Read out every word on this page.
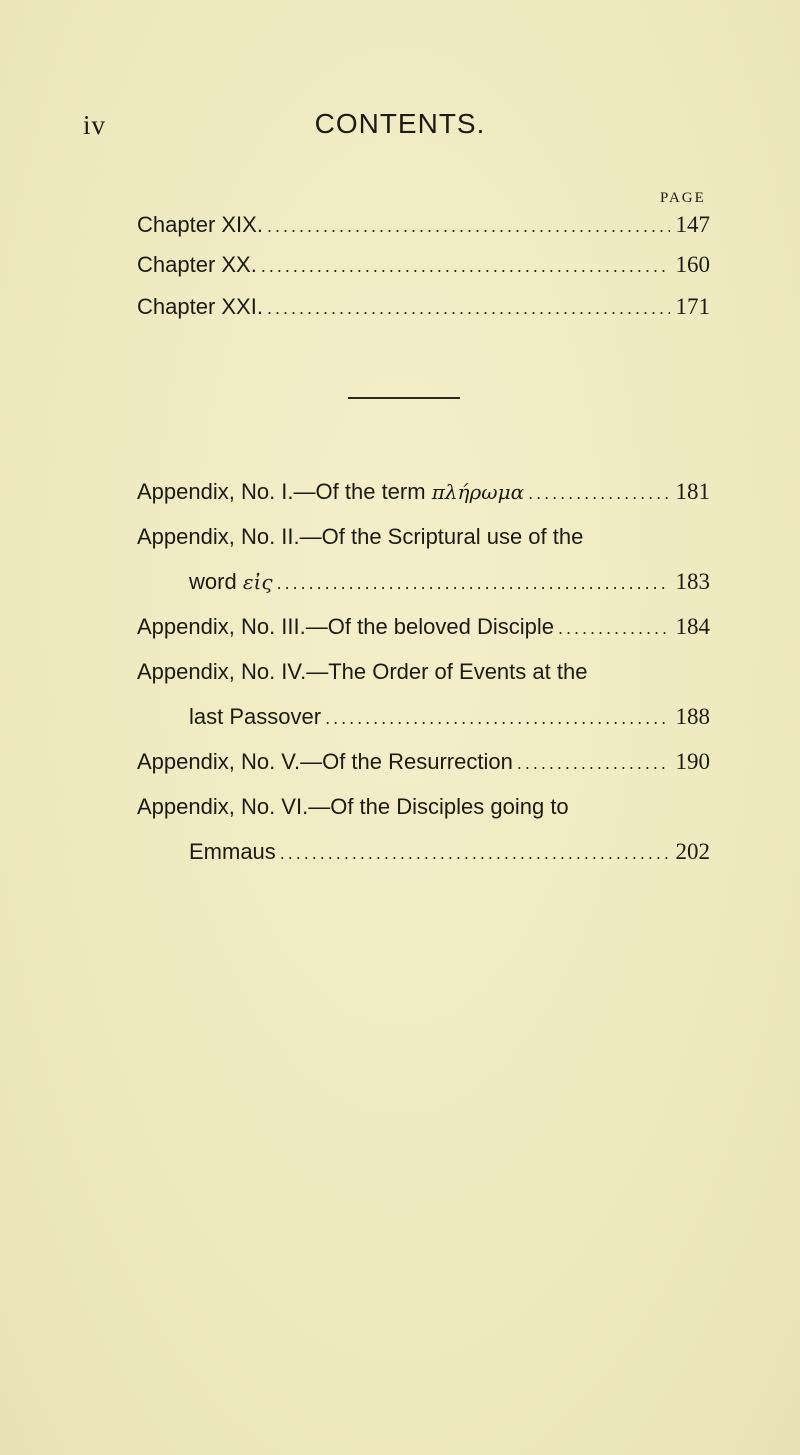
iv	CONTENTS.
PAGE
Chapter XIX. . . .	147
Chapter XX. . . .	160
Chapter XXI. . . .	171
Appendix, No. I.—Of the term πλήρωμα . . .	181
Appendix, No. II.—Of the Scriptural use of the
word εἰς . . .	183
Appendix, No. III.—Of the beloved Disciple . . .	184
Appendix, No. IV.—The Order of Events at the
last Passover . . .	188
Appendix, No. V.—Of the Resurrection . . .	190
Appendix, No. VI.—Of the Disciples going to
Emmaus . . .	202
